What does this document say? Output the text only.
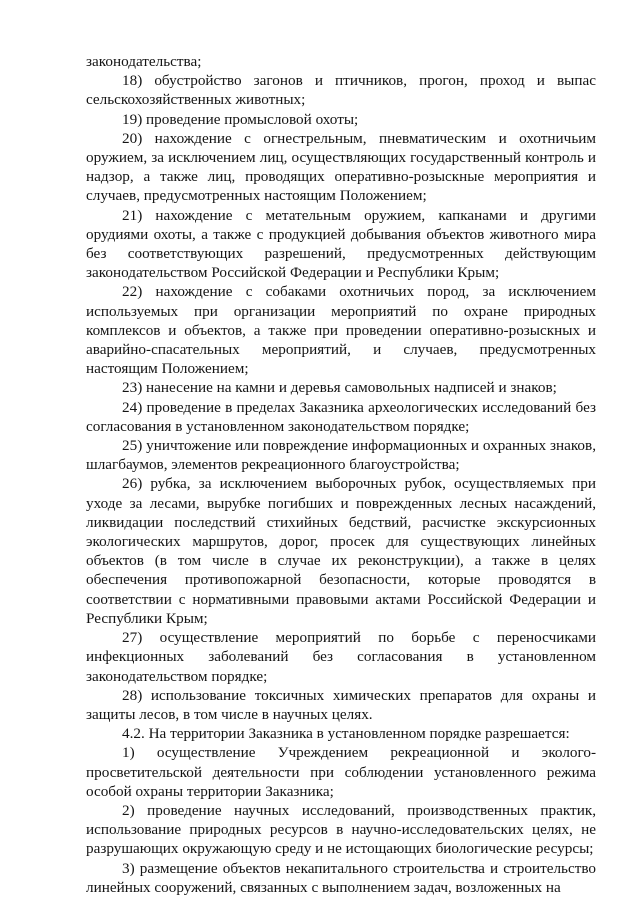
законодательства;

18) обустройство загонов и птичников, прогон, проход и выпас сельскохозяйственных животных;

19) проведение промысловой охоты;

20) нахождение с огнестрельным, пневматическим и охотничьим оружием, за исключением лиц, осуществляющих государственный контроль и надзор, а также лиц, проводящих оперативно-розыскные мероприятия и случаев, предусмотренных настоящим Положением;

21) нахождение с метательным оружием, капканами и другими орудиями охоты, а также с продукцией добывания объектов животного мира без соответствующих разрешений, предусмотренных действующим законодательством Российской Федерации и Республики Крым;

22) нахождение с собаками охотничьих пород, за исключением используемых при организации мероприятий по охране природных комплексов и объектов, а также при проведении оперативно-розыскных и аварийно-спасательных мероприятий, и случаев, предусмотренных настоящим Положением;

23) нанесение на камни и деревья самовольных надписей и знаков;

24) проведение в пределах Заказника археологических исследований без согласования в установленном законодательством порядке;

25) уничтожение или повреждение информационных и охранных знаков, шлагбаумов, элементов рекреационного благоустройства;

26) рубка, за исключением выборочных рубок, осуществляемых при уходе за лесами, вырубке погибших и поврежденных лесных насаждений, ликвидации последствий стихийных бедствий, расчистке экскурсионных экологических маршрутов, дорог, просек для существующих линейных объектов (в том числе в случае их реконструкции), а также в целях обеспечения противопожарной безопасности, которые проводятся в соответствии с нормативными правовыми актами Российской Федерации и Республики Крым;

27) осуществление мероприятий по борьбе с переносчиками инфекционных заболеваний без согласования в установленном законодательством порядке;

28) использование токсичных химических препаратов для охраны и защиты лесов, в том числе в научных целях.

4.2. На территории Заказника в установленном порядке разрешается:

1) осуществление Учреждением рекреационной и эколого-просветительской деятельности при соблюдении установленного режима особой охраны территории Заказника;

2) проведение научных исследований, производственных практик, использование природных ресурсов в научно-исследовательских целях, не разрушающих окружающую среду и не истощающих биологические ресурсы;

3) размещение объектов некапитального строительства и строительство линейных сооружений, связанных с выполнением задач, возложенных на
